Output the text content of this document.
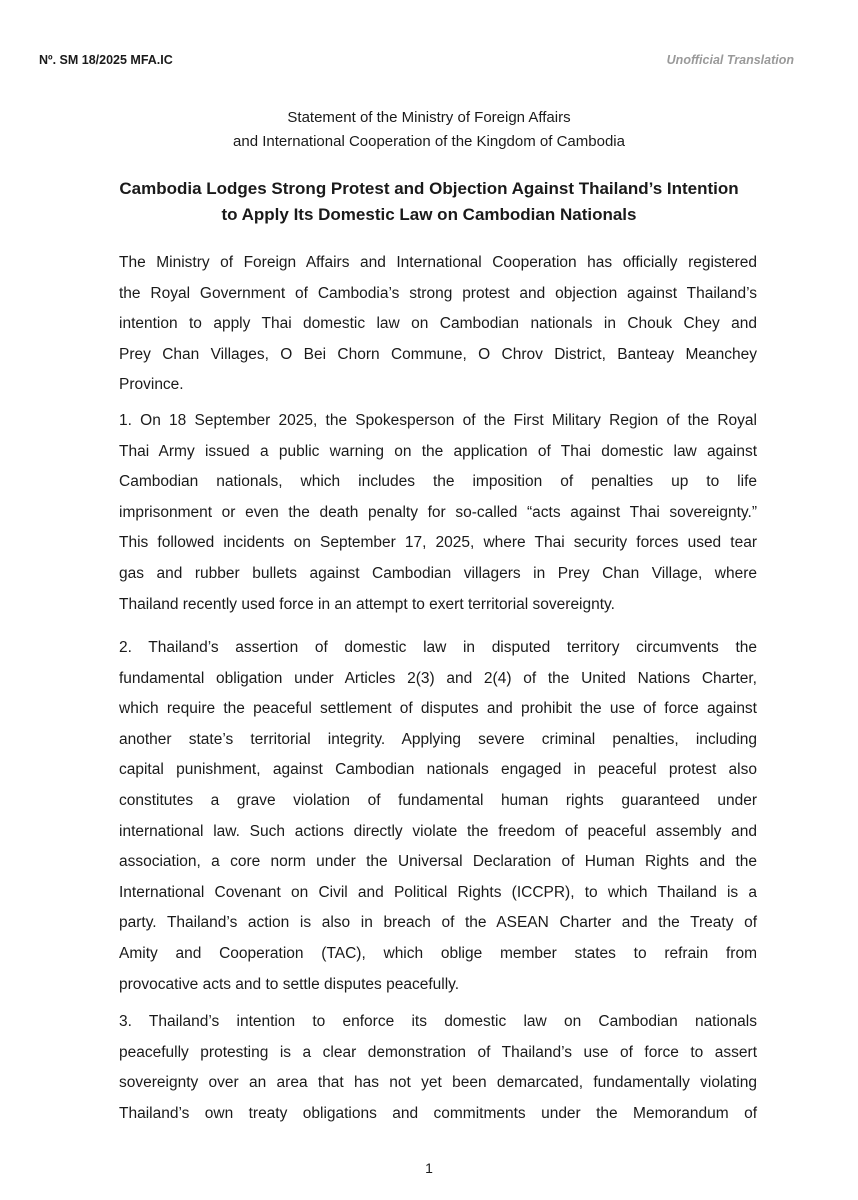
Nº. SM 18/2025 MFA.IC	Unofficial Translation
Statement of the Ministry of Foreign Affairs
and International Cooperation of the Kingdom of Cambodia
Cambodia Lodges Strong Protest and Objection Against Thailand’s Intention
to Apply Its Domestic Law on Cambodian Nationals

The Ministry of Foreign Affairs and International Cooperation has officially registered
the Royal Government of Cambodia’s strong protest and objection against Thailand’s
intention to apply Thai domestic law on Cambodian nationals in Chouk Chey and
Prey Chan Villages, O Bei Chorn Commune, O Chrov District, Banteay Meanchey
Province.

1. On 18 September 2025, the Spokesperson of the First Military Region of the Royal
Thai Army issued a public warning on the application of Thai domestic law against
Cambodian nationals, which includes the imposition of penalties up to life
imprisonment or even the death penalty for so-called “acts against Thai sovereignty.”
This followed incidents on September 17, 2025, where Thai security forces used tear
gas and rubber bullets against Cambodian villagers in Prey Chan Village, where
Thailand recently used force in an attempt to exert territorial sovereignty.

2. Thailand’s assertion of domestic law in disputed territory circumvents the
fundamental obligation under Articles 2(3) and 2(4) of the United Nations Charter,
which require the peaceful settlement of disputes and prohibit the use of force against
another state’s territorial integrity. Applying severe criminal penalties, including
capital punishment, against Cambodian nationals engaged in peaceful protest also
constitutes a grave violation of fundamental human rights guaranteed under
international law. Such actions directly violate the freedom of peaceful assembly and
association, a core norm under the Universal Declaration of Human Rights and the
International Covenant on Civil and Political Rights (ICCPR), to which Thailand is a
party. Thailand’s action is also in breach of the ASEAN Charter and the Treaty of
Amity and Cooperation (TAC), which oblige member states to refrain from
provocative acts and to settle disputes peacefully.

3. Thailand’s intention to enforce its domestic law on Cambodian nationals
peacefully protesting is a clear demonstration of Thailand’s use of force to assert
sovereignty over an area that has not yet been demarcated, fundamentally violating
Thailand’s own treaty obligations and commitments under the Memorandum of

1
